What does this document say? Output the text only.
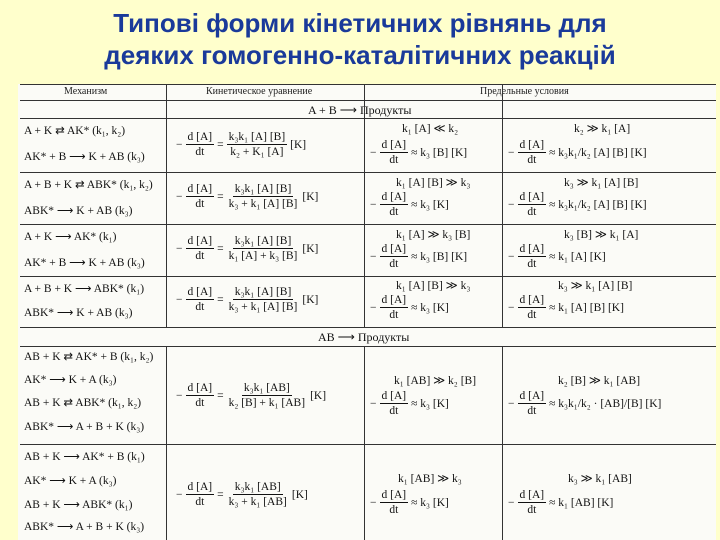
Типові форми кінетичних рівнянь для
деяких гомогенно-каталітичних реакцій
Механизм	Кинетическое уравнение	Предельные условия
A + B ⟶ Продукты
AB ⟶ Продукты
A + K ⇄ AK* (k₁, k₂)
AK* + B ⟶ K + AB (k₃)
− $\frac{d [A]}{dt} = \frac{\text{k₃k₁ [A] [B]}}{\text{k₂ + K₁ [A]}} [K]$
k₁ [A] ≪ k₂
− $\frac{d [A]}{dt} \approx k_3$ [B] [K]
k₂ ≫ k₁ [A]
− $\frac{d [A]}{dt} \approx k_3k_1/k_2$ [A] [B] [K]
A + B + K ⇄ ABK* (k₁, k₂)
ABK* ⟶ K + AB (k₃)
− $\frac{d [A]}{dt} = \frac{\text{k₃k₁ [A] [B]}}{\text{k₃ + k₁ [A] [B]}} [K]$
k₁ [A] [B] ≫ k₃
− $\frac{d [A]}{dt} \approx k_3$ [K]
k₃ ≫ k₁ [A] [B]
− $\frac{d [A]}{dt} \approx k_3k_1/k_2$ [A] [B] [K]
A + K ⟶ AK* (k₁)
AK* + B ⟶ K + AB (k₃)
− $\frac{d [A]}{dt} = \frac{\text{k₃k₁ [A] [B]}}{\text{k₁ [A] + k₃ [B]}} [K]$
k₁ [A] ≫ k₃ [B]
− $\frac{d [A]}{dt} \approx k_3$ [B] [K]
k₃ [B] ≫ k₁ [A]
− $\frac{d [A]}{dt} \approx k_1$ [A] [K]
A + B + K ⟶ ABK* (k₁)
ABK* ⟶ K + AB (k₃)
− $\frac{d [A]}{dt} = \frac{\text{k₃k₁ [A] [B]}}{\text{k₃ + k₁ [A] [B]}} [K]$
k₁ [A] [B] ≫ k₃
− $\frac{d [A]}{dt} \approx k_3$ [K]
k₃ ≫ k₁ [A] [B]
− $\frac{d [A]}{dt} \approx k_1$ [A] [B] [K]
AB + K ⇄ AK* + B (k₁, k₂)
AK* ⟶ K + A (k₃)
AB + K ⇄ ABK* (k₁, k₂)
ABK* ⟶ A + B + K (k₃)
− $\frac{d [A]}{dt} = \frac{\text{k₃k₁ [AB]}}{\text{k₂ [B] + k₁ [AB]}} [K]$
k₁ [AB] ≫ k₂ [B]
− $\frac{d [A]}{dt} \approx k_3$ [K]
k₂ [B] ≫ k₁ [AB]
− $\frac{d [A]}{dt} \approx k_3k_1/k_2 \cdot [AB]/[B]$ [K]
AB + K ⟶ AK* + B (k₁)
AK* ⟶ K + A (k₃)
AB + K ⟶ ABK* (k₁)
ABK* ⟶ A + B + K (k₃)
− $\frac{d [A]}{dt} = \frac{\text{k₃k₁ [AB]}}{\text{k₃ + k₁ [AB]}} [K]$
k₁ [AB] ≫ k₃
− $\frac{d [A]}{dt} \approx k_3$ [K]
k₃ ≫ k₁ [AB]
− $\frac{d [A]}{dt} \approx k_1$ [AB] [K]
